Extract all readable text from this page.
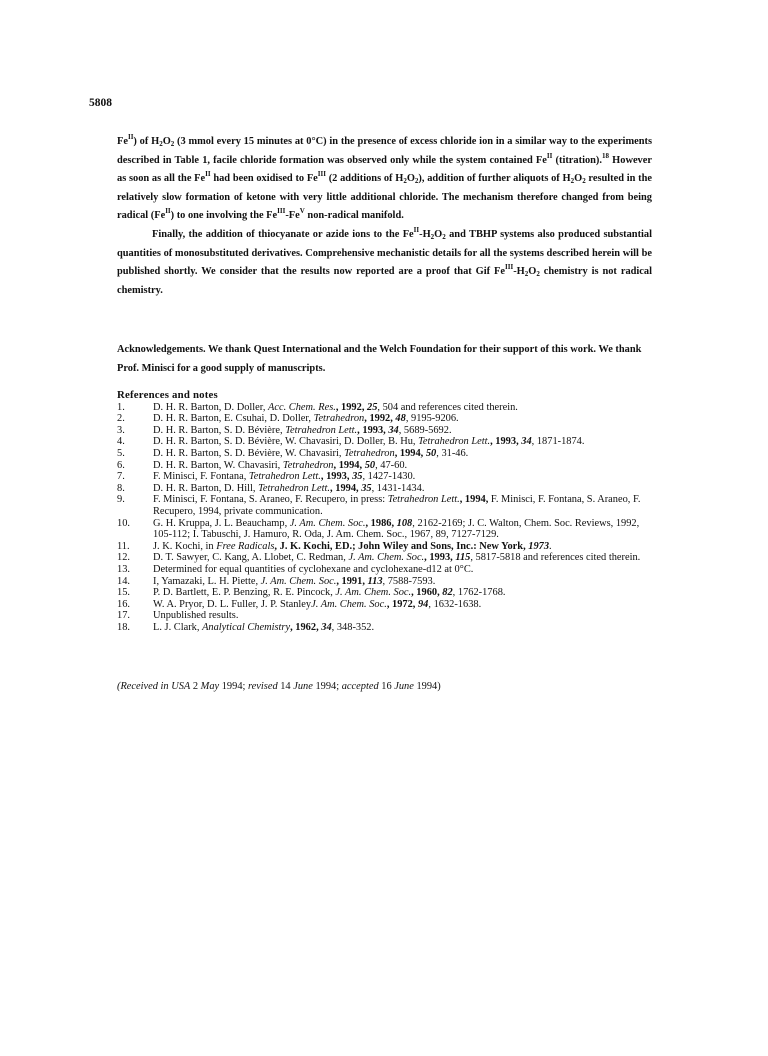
5808

$Fe^{II}$) of $H_2O_2$ (3 mmol every 15 minutes at 0°C) in the presence of excess chloride ion in a similar way to the experiments described in Table 1, facile chloride formation was observed only while the system contained $Fe^{II}$ (titration).$^{18}$ However as soon as all the $Fe^{II}$ had been oxidised to $Fe^{III}$ (2 additions of $H_2O_2$), addition of further aliquots of $H_2O_2$ resulted in the relatively slow formation of ketone with very little additional chloride. The mechanism therefore changed from being radical $(Fe^{II})$ to one involving the $Fe^{III}-Fe^V$ non-radical manifold.

Finally, the addition of thiocyanate or azide ions to the $Fe^{II}-H_2O_2$ and TBHP systems also produced substantial quantities of monosubstituted derivatives. Comprehensive mechanistic details for all the systems described herein will be published shortly. We consider that the results now reported are a proof that Gif $Fe^{III}-H_2O_2$ chemistry is not radical chemistry.

Acknowledgements. We thank Quest International and the Welch Foundation for their support of this work. We thank Prof. Minisci for a good supply of manuscripts.

References and notes
1.	D. H. R. Barton, D. Doller, Acc. Chem. Res., 1992, 25, 504 and references cited therein.
2.	D. H. R. Barton, E. Csuhai, D. Doller, Tetrahedron, 1992, 48, 9195-9206.
3.	D. H. R. Barton, S. D. Bévière, Tetrahedron Lett., 1993, 34, 5689-5692.
4.	D. H. R. Barton, S. D. Bévière, W. Chavasiri, D. Doller, B. Hu, Tetrahedron Lett., 1993, 34, 1871-1874.
5.	D. H. R. Barton, S. D. Bévière, W. Chavasiri, Tetrahedron, 1994, 50, 31-46.
6.	D. H. R. Barton, W. Chavasiri, Tetrahedron, 1994, 50, 47-60.
7.	F. Minisci, F. Fontana, Tetrahedron Lett., 1993, 35, 1427-1430.
8.	D. H. R. Barton, D. Hill, Tetrahedron Lett., 1994, 35, 1431-1434.
9.	F. Minisci, F. Fontana, S. Araneo, F. Recupero, in press: Tetrahedron Lett., 1994, F. Minisci, F. Fontana, S. Araneo, F. Recupero, 1994, private communication.
10.	G. H. Kruppa, J. L. Beauchamp, J. Am. Chem. Soc., 1986, 108, 2162-2169; J. C. Walton, Chem. Soc. Reviews, 1992, 105-112; I. Tabuschi, J. Hamuro, R. Oda, J. Am. Chem. Soc., 1967, 89, 7127-7129.
11.	J. K. Kochi, in Free Radicals, J. K. Kochi, ED.; John Wiley and Sons, Inc.: New York, 1973.
12.	D. T. Sawyer, C. Kang, A. Llobet, C. Redman, J. Am. Chem. Soc., 1993, 115, 5817-5818 and references cited therein.
13.	Determined for equal quantities of cyclohexane and cyclohexane-d12 at 0°C.
14.	I, Yamazaki, L. H. Piette, J. Am. Chem. Soc., 1991, 113, 7588-7593.
15.	P. D. Bartlett, E. P. Benzing, R. E. Pincock, J. Am. Chem. Soc., 1960, 82, 1762-1768.
16.	W. A. Pryor, D. L. Fuller, J. P. StanleyJ. Am. Chem. Soc., 1972, 94, 1632-1638.
17.	Unpublished results.
18.	L. J. Clark, Analytical Chemistry, 1962, 34, 348-352.
(Received in USA 2 May 1994; revised 14 June 1994; accepted 16 June 1994)
